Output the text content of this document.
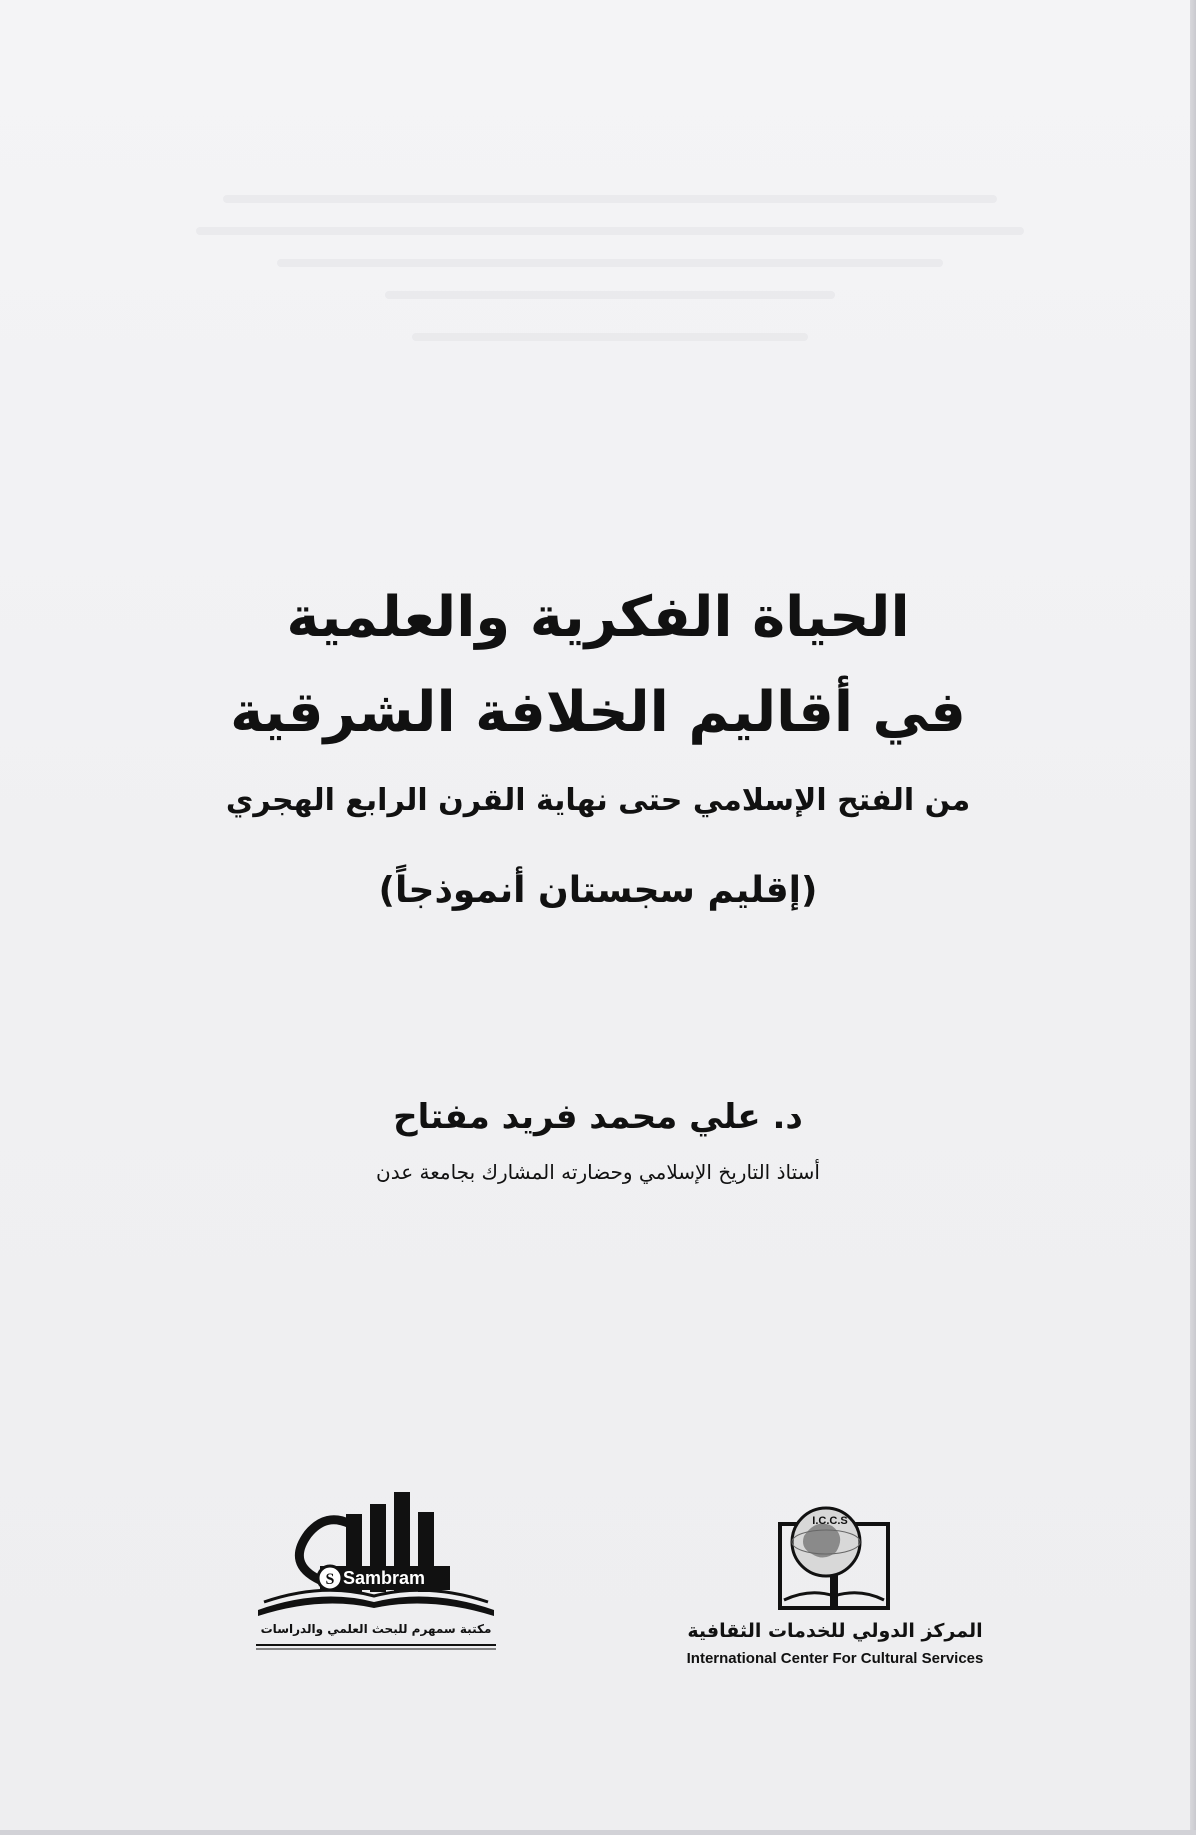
الحياة الفكرية والعلمية
في أقاليم الخلافة الشرقية
من الفتح الإسلامي حتى نهاية القرن الرابع الهجري
(إقليم سجستان أنموذجاً)
د. علي محمد فريد مفتاح
أستاذ التاريخ الإسلامي وحضارته المشارك بجامعة عدن
Sambram
S
مكتبة سمهرم للبحث العلمي والدراسات
I.C.C.S
المركز الدولي للخدمات الثقافية
International Center For Cultural Services
